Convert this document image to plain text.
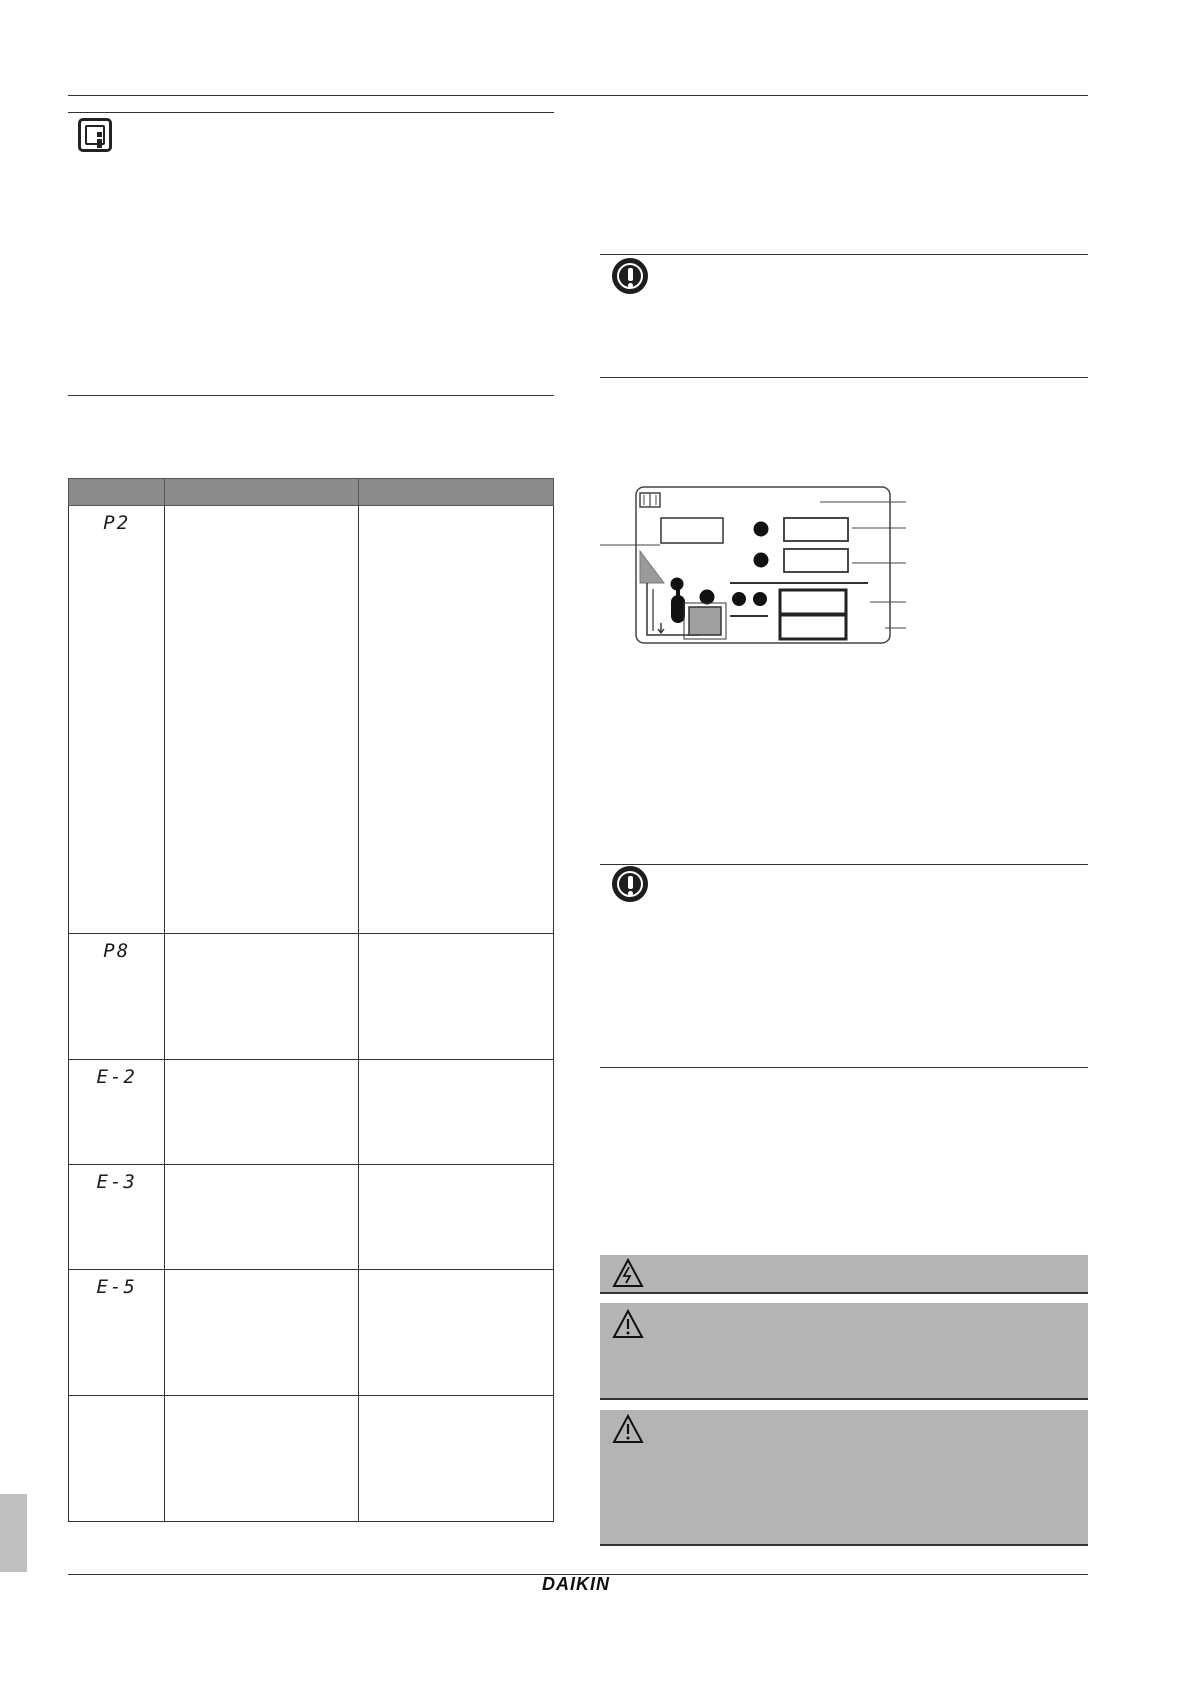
P2		

P8		

E-2		

E-3		

E-5		

DAIKIN
